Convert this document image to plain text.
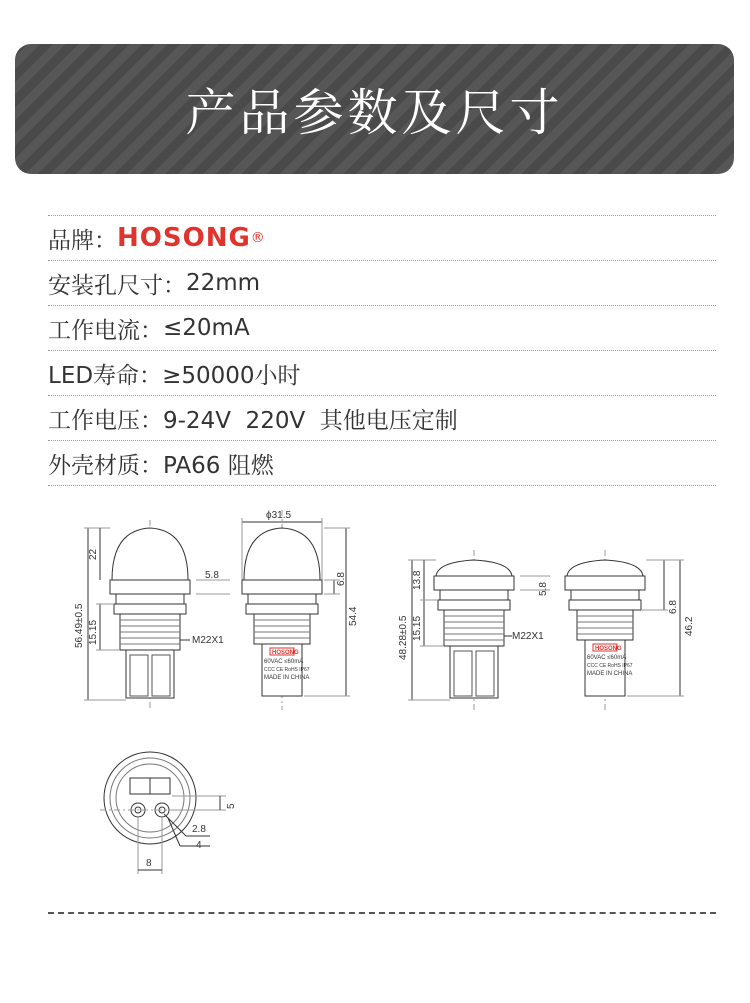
产品参数及尺寸
品牌： HOSONG ®
安装孔尺寸： 22mm
工作电流： ≤20mA
LED寿命： ≥50000小时
工作电压： 9-24V  220V  其他电压定制
外壳材质： PA66 阻燃
56.49±0.5
22
15.15
5.8
M22X1
ϕ31.5
6.8
54.4
HOSONG
60VAC ≤60mA
CCC CE RoHS IP67
MADE IN CHINA
48.28±0.5
13.8
15.15
5.8
M22X1
6.8
46.2
HOSONG
60VAC ≤60mA
CCC CE RoHS IP67
MADE IN CHINA
5
2.8
4
8
